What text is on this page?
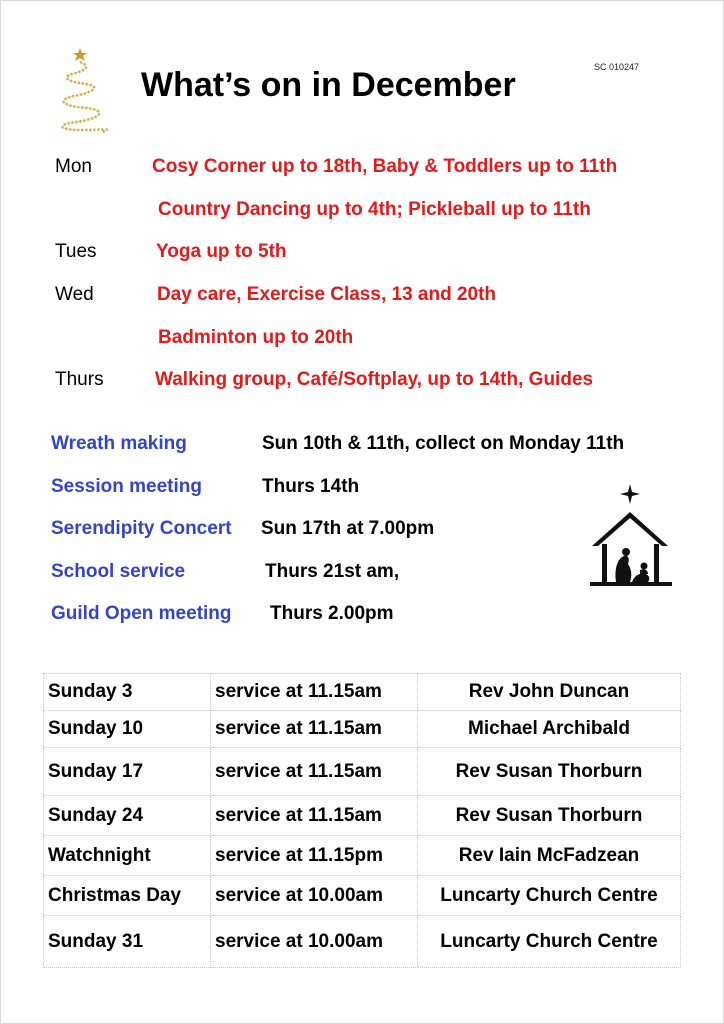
What’s on in December	SC 010247
Mon	Cosy Corner up to 18th, Baby & Toddlers up to 11th
Country Dancing up to 4th; Pickleball up to 11th
Tues	Yoga up to 5th
Wed	Day care, Exercise Class, 13 and 20th
Badminton up to 20th
Thurs	Walking group, Café/Softplay, up to 14th, Guides
Wreath making	Sun 10th & 11th, collect on Monday 11th
Session meeting	Thurs 14th
Serendipity Concert Sun 17th at 7.00pm
School service	Thurs 21st am,
Guild Open meeting Thurs 2.00pm
Sunday 3	service at 11.15am	Rev John Duncan
Sunday 10	service at 11.15am	Michael Archibald
Sunday 17	service at 11.15am	Rev Susan Thorburn
Sunday 24	service at 11.15am	Rev Susan Thorburn
Watchnight	service at 11.15pm	Rev Iain McFadzean
Christmas Day	service at 10.00am	Luncarty Church Centre
Sunday 31	service at 10.00am	Luncarty Church Centre
